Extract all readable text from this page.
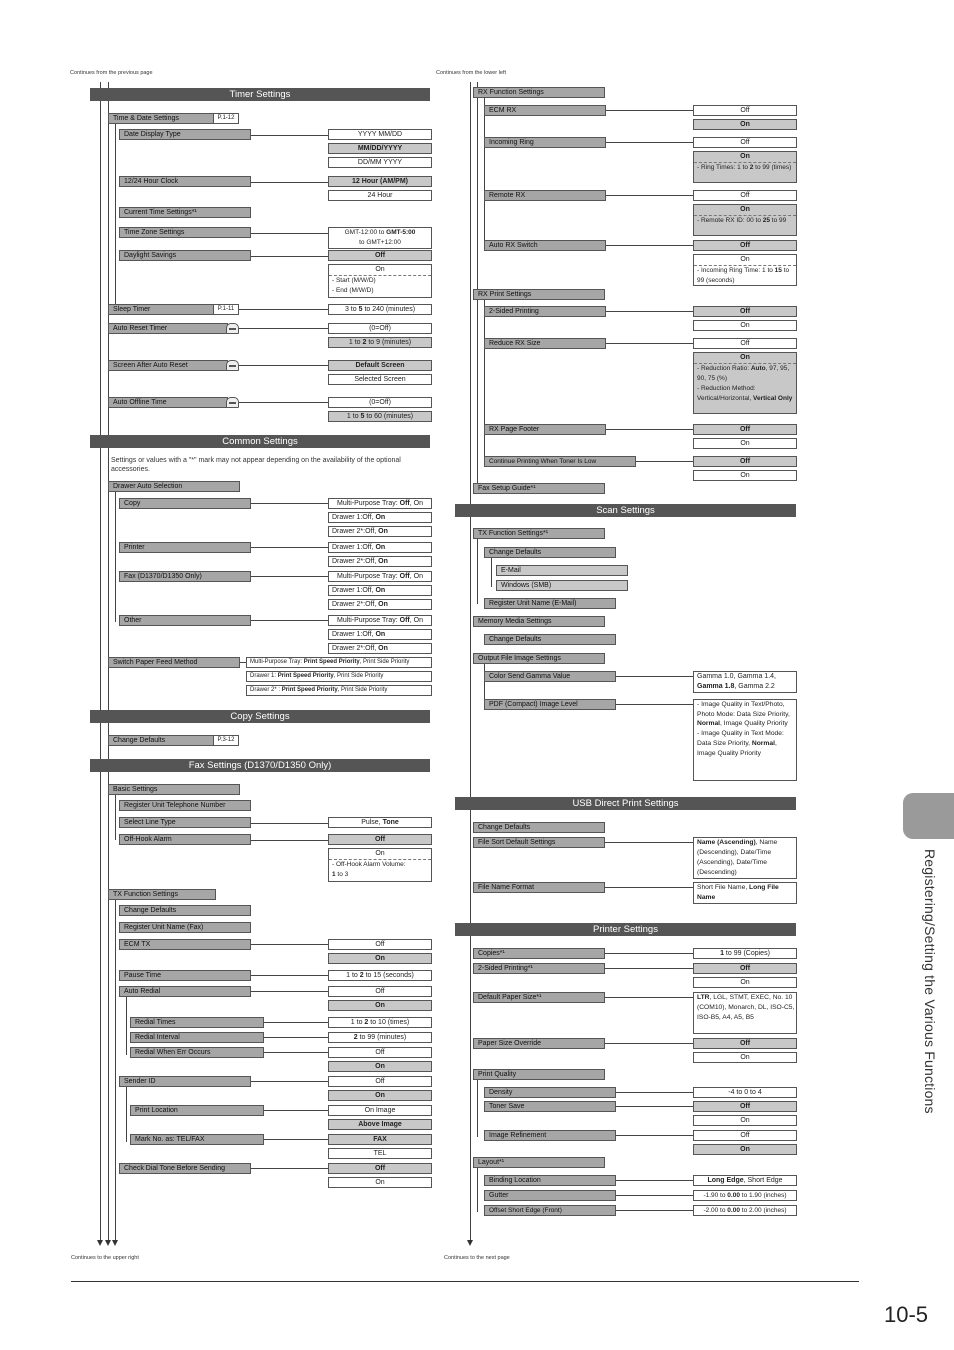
Continues from the previous page	Continues from the lower left
Continues to the upper right	Continues to the next page
Timer Settings
Time & Date Settings	P.1-12
Date Display Type	YYYY MM/DD
MM/DD/YYYY
DD/MM YYYY
12/24 Hour Clock	12 Hour (AM/PM)
24 Hour
Current Time Settings*¹
Time Zone Settings	GMT-12:00 to GMT-5:00
to GMT+12:00
Daylight Savings	Off
On
- Start (M/W/D)
- End (M/W/D)
Sleep Timer	P.1-11	3 to 5 to 240 (minutes)
Auto Reset Timer	(0=Off)
1 to 2 to 9 (minutes)
Screen After Auto Reset	Default Screen
Selected Screen
Auto Offline Time	(0=Off)
1 to 5 to 60 (minutes)
Common Settings
Settings or values with a "*" mark may not appear depending on the availability of the optional accessories.
Drawer Auto Selection
Copy	Multi-Purpose Tray: Off, On
Drawer 1:Off, On
Drawer 2*:Off, On
Printer	Drawer 1:Off, On
Drawer 2*:Off, On
Fax (D1370/D1350 Only)	Multi-Purpose Tray: Off, On
Drawer 1:Off, On
Drawer 2*:Off, On
Other	Multi-Purpose Tray: Off, On
Drawer 1:Off, On
Drawer 2*:Off, On
Switch Paper Feed Method	Multi-Purpose Tray: Print Speed Priority, Print Side Priority
Drawer 1: Print Speed Priority, Print Side Priority
Drawer 2* : Print Speed Priority, Print Side Priority
Copy Settings
Change Defaults	P.3-12
Fax Settings (D1370/D1350 Only)
Basic Settings
Register Unit Telephone Number
Select Line Type	Pulse, Tone
Off-Hook Alarm	Off
On
- Off-Hook Alarm Volume:
1 to 3
TX Function Settings
Change Defaults
Register Unit Name (Fax)
ECM TX	Off
On
Pause Time	1 to 2 to 15 (seconds)
Auto Redial	Off
On
Redial Times	1 to 2 to 10 (times)
Redial Interval	2 to 99 (minutes)
Redial When Err Occurs	Off
On
Sender ID	Off
On
Print Location	On Image
Above Image
Mark No. as: TEL/FAX	FAX
TEL
Check Dial Tone Before Sending	Off
On
RX Function Settings
ECM RX	Off
On
Incoming Ring	Off
On
- Ring Times: 1 to 2 to 99 (times)
Remote RX	Off
On
- Remote RX ID: 00 to 25 to 99
Auto RX Switch	Off
On
- Incoming Ring Time: 1 to 15 to 99 (seconds)
RX Print Settings
2-Sided Printing	Off
On
Reduce RX Size	Off
On
- Reduction Ratio: Auto, 97, 95, 90, 75 (%)
- Reduction Method: Vertical/Horizontal, Vertical Only
RX Page Footer	Off
On
Continue Printing When Toner Is Low	Off
On
Fax Setup Guide*¹
Scan Settings
TX Function Settings*¹
Change Defaults
E-Mail
Windows (SMB)
Register Unit Name (E-Mail)
Memory Media Settings
Change Defaults
Output File Image Settings
Color Send Gamma Value	Gamma 1.0, Gamma 1.4,
Gamma 1.8, Gamma 2.2
PDF (Compact) Image Level	- Image Quality in Text/Photo, Photo Mode: Data Size Priority, Normal, Image Quality Priority
- Image Quality in Text Mode: Data Size Priority, Normal, Image Quality Priority
USB Direct Print Settings
Change Defaults
File Sort Default Settings	Name (Ascending), Name (Descending), Date/Time (Ascending), Date/Time (Descending)
File Name Format	Short File Name, Long File Name
Printer Settings
Copies*¹	1 to 99 (Copies)
2-Sided Printing*¹	Off
On
Default Paper Size*¹	LTR, LGL, STMT, EXEC, No. 10 (COM10), Monarch, DL, ISO-C5, ISO-B5, A4, A5, B5
Paper Size Override	Off
On
Print Quality
Density	-4 to 0 to 4
Toner Save	Off
On
Image Refinement	Off
On
Layout*¹
Binding Location	Long Edge, Short Edge
Gutter	-1.90 to 0.00 to 1.90 (inches)
Offset Short Edge (Front)	-2.00 to 0.00 to 2.00 (inches)
Registering/Setting the Various Functions
10-5
